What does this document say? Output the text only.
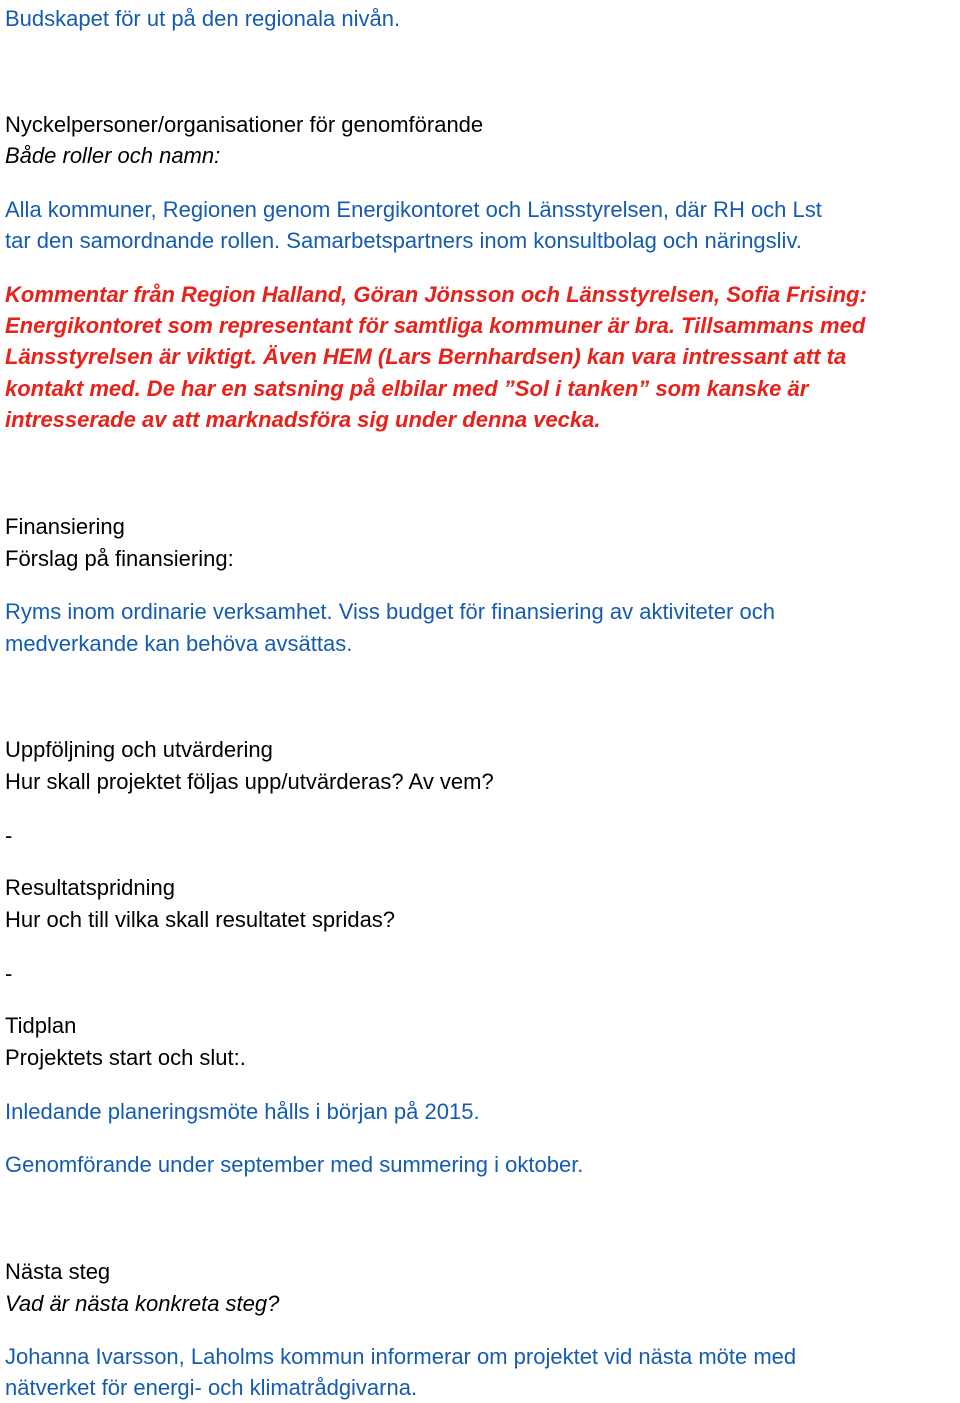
Budskapet för ut på den regionala nivån.
Nyckelpersoner/organisationer för genomförande
Både roller och namn:
Alla kommuner, Regionen genom Energikontoret och Länsstyrelsen, där RH och Lst
tar den samordnande rollen. Samarbetspartners inom konsultbolag och näringsliv.
Kommentar från Region Halland, Göran Jönsson och Länsstyrelsen, Sofia Frising:
Energikontoret som representant för samtliga kommuner är bra. Tillsammans med
Länsstyrelsen är viktigt. Även HEM (Lars Bernhardsen) kan vara intressant att ta
kontakt med. De har en satsning på elbilar med ”Sol i tanken” som kanske är
intresserade av att marknadsföra sig under denna vecka.
Finansiering
Förslag på finansiering:
Ryms inom ordinarie verksamhet. Viss budget för finansiering av aktiviteter och
medverkande kan behöva avsättas.
Uppföljning och utvärdering
Hur skall projektet följas upp/utvärderas? Av vem?
-
Resultatspridning
Hur och till vilka skall resultatet spridas?
-
Tidplan
Projektets start och slut:.
Inledande planeringsmöte hålls i början på 2015.
Genomförande under september med summering i oktober.
Nästa steg
Vad är nästa konkreta steg?
Johanna Ivarsson, Laholms kommun informerar om projektet vid nästa möte med
nätverket för energi- och klimatrådgivarna.
